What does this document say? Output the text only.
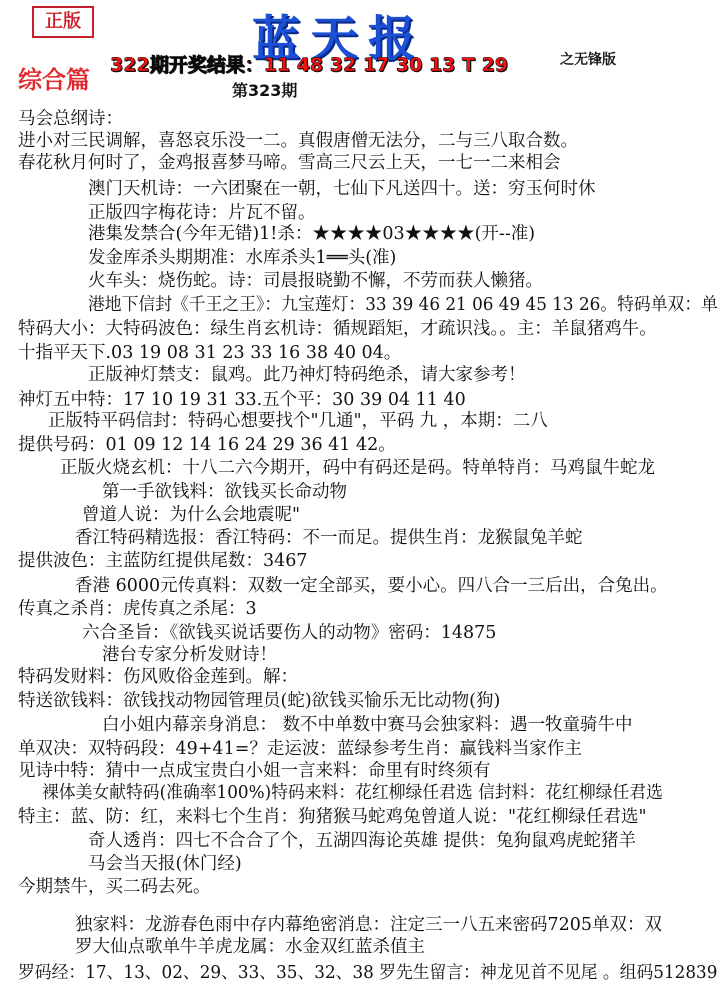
正版	蓝天报
322期开奖结果：11 48 32 17 30 13 T 29	之无锋版
综合篇	第323期
马会总纲诗：
进小对三民调解，喜怒哀乐没一二。真假唐僧无法分，二与三八取合数。
春花秋月何时了，金鸡报喜梦马啼。雪高三尺云上天，一七一二来相会
澳门天机诗：一六团聚在一朝，七仙下凡送四十。送：穷玉何时休
正版四字梅花诗：片瓦不留。
港集发禁合(今年无错)1!杀：★★★★03★★★★(开--准)
发金库杀头期期准：水库杀头1══头(准)
火车头：烧伤蛇。诗：司晨报晓勤不懈，不劳而获人懒猪。
港地下信封《千王之王》：九宝莲灯：33 39 46 21 06 49 45 13 26。特码单双：单
特码大小：大特码波色：绿生肖玄机诗：循规蹈矩，才疏识浅。。主：羊鼠猪鸡牛。
十指平天下.03 19 08 31 23 33 16 38 40 04。
正版神灯禁支：鼠鸡。此乃神灯特码绝杀，请大家参考！
神灯五中特：17 10 19 31 33.五个平：30 39 04 11 40
正版特平码信封：特码心想要找个"几通"，平码 九 ，本期：二八
提供号码：01 09 12 14 16 24 29 36 41 42。
正版火烧玄机：十八二六今期开，码中有码还是码。特单特肖：马鸡鼠牛蛇龙
第一手欲钱料：欲钱买长命动物
曾道人说：为什么会地震呢"
香江特码精选报：香江特码：不一而足。提供生肖：龙猴鼠兔羊蛇
提供波色：主蓝防红提供尾数：3467
香港 6000元传真料：双数一定全部买，要小心。四八合一三后出，合兔出。
传真之杀肖：虎传真之杀尾：3
六合圣旨：《欲钱买说话要伤人的动物》密码：14875
港台专家分析发财诗！
特码发财料：伤风败俗金莲到。解：
特送欲钱料：欲钱找动物园管理员(蛇)欲钱买愉乐无比动物(狗)
白小姐内幕亲身消息： 数不中单数中赛马会独家料：遇一牧童骑牛中
单双决：双特码段：49+41=？走运波：蓝绿参考生肖：赢钱料当家作主
见诗中特：猜中一点成宝贵白小姐一言来料：命里有时终须有
裸体美女献特码(准确率100%)特码来料：花红柳绿任君选 信封料：花红柳绿任君选
特主：蓝、防：红，来料七个生肖：狗猪猴马蛇鸡兔曾道人说："花红柳绿任君选"
奇人透肖：四七不合合了个，五湖四海论英雄 提供：兔狗鼠鸡虎蛇猪羊
马会当天报(休门经)
今期禁牛，买二码去死。
独家料：龙游春色雨中存内幕绝密消息：注定三一八五来密码7205单双：双
罗大仙点歌单牛羊虎龙属：水金双红蓝杀值主
罗码经：17、13、02、29、33、35、32、38 罗先生留言：神龙见首不见尾 。组码512839
